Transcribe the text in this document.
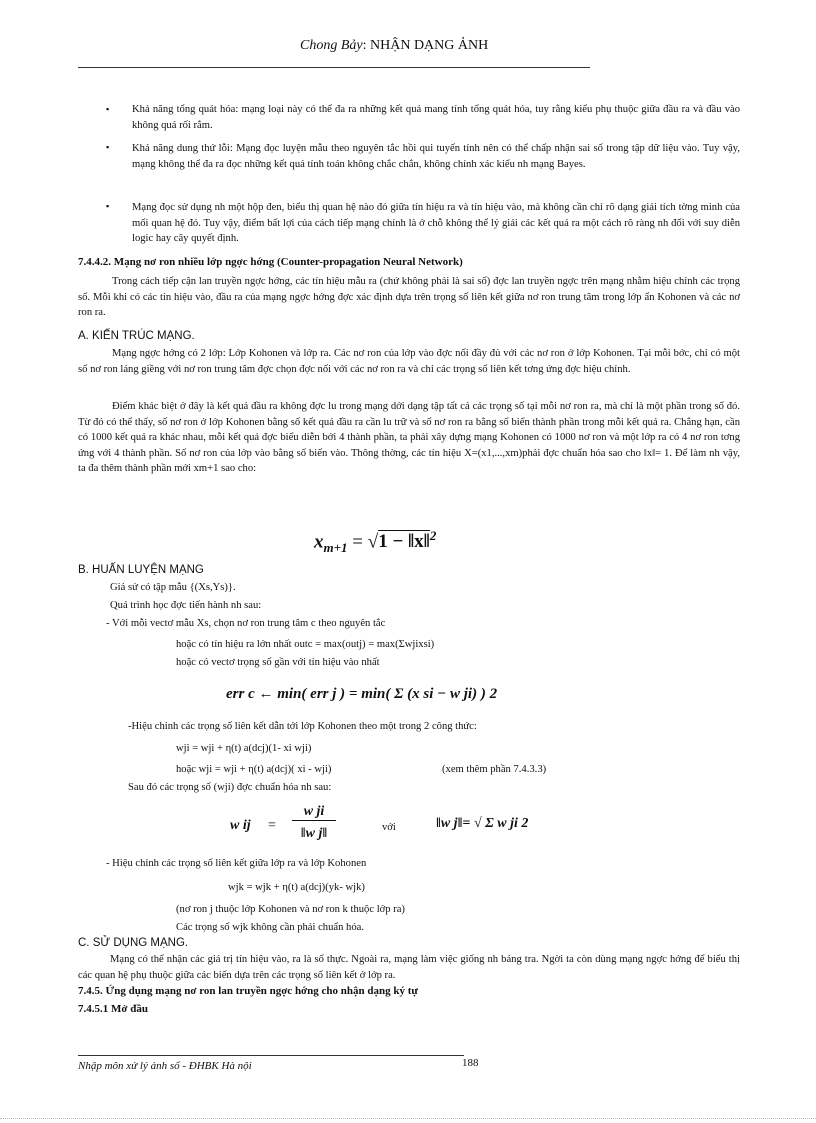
Chong Bảy: NHẬN DẠNG ẢNH
▪ Khả năng tổng quát hóa: mạng loại này có thể đa ra những kết quả mang tính tổng quát hóa, tuy rằng kiểu phụ thuộc giữa đầu ra và đầu vào không quá rối rắm.
▪ Khả năng dung thứ lỗi: Mạng đọc luyện mẫu theo nguyên tắc hồi qui tuyến tính nên có thể chấp nhận sai số trong tập dữ liệu vào. Tuy vậy, mạng không thể đa ra đọc những kết quả tính toán không chắc chắn, không chính xác kiểu nh mạng Bayes.
▪ Mạng đọc sử dụng nh một hộp đen, biểu thị quan hệ nào đó giữa tín hiệu ra và tín hiệu vào, mà không cần chỉ rõ dạng giải tích tờng minh của mối quan hệ đó. Tuy vậy, điểm bất lợi của cách tiếp mạng chính là ở chỗ không thể lý giải các kết quả ra một cách rõ ràng nh đối với suy diễn logic hay cây quyết định.
7.4.4.2. Mạng nơ ron nhiều lớp ngợc hớng (Counter-propagation Neural Network)
Trong cách tiếp cận lan truyền ngợc hớng, các tín hiệu mẫu ra (chứ không phải là sai số) đợc lan truyền ngợc trên mạng nhằm hiệu chỉnh các trọng số. Mỗi khi có các tín hiệu vào, đầu ra của mạng ngợc hớng đợc xác định dựa trên trọng số liên kết giữa nơ ron trung tâm trong lớp ẩn Kohonen và các nơ ron ra.
A. KIẾN TRÚC MẠNG.
Mạng ngợc hớng có 2 lớp: Lớp Kohonen và lớp ra. Các nơ ron của lớp vào đợc nối đầy đủ với các nơ ron ở lớp Kohonen. Tại mỗi bớc, chỉ có một số nơ ron láng giềng với nơ ron trung tâm đợc chọn đợc nối với các nơ ron ra và chỉ các trọng số liên kết tơng ứng đợc hiệu chỉnh.
Điểm khác biệt ở đây là kết quả đầu ra không đợc lu trong mạng dới dạng tập tất cả các trọng số tại mỗi nơ ron ra, mà chỉ là một phần trong số đó. Từ đó có thể thấy, số nơ ron ở lớp Kohonen bằng số kết quả đầu ra cần lu trữ và số nơ ron ra bằng số biến thành phần trong mỗi kết quả ra. Chẳng hạn, cần có 1000 kết quả ra khác nhau, mỗi kết quả đợc biểu diễn bởi 4 thành phần, ta phải xây dựng mạng Kohonen có 1000 nơ ron và một lớp ra có 4 nơ ron tơng ứng với 4 thành phần. Số nơ ron của lớp vào bằng số biến vào. Thông thờng, các tín hiệu X=(x1,...,xm)phải đợc chuẩn hóa sao cho ‖x‖= 1. Để làm nh vậy, ta đa thêm thành phần mới xm+1 sao cho:
$x_{m+1} = √1$ − ‖x‖$^2$
B. HUẤN LUYỆN MẠNG
Giả sử có tập mẫu {(Xs,Ys)}.
Quá trình học đợc tiến hành nh sau:
- Với mỗi vectơ mẫu Xs, chọn nơ ron trung tâm c theo nguyên tắc
hoặc có tín hiệu ra lớn nhất outc = max(outj) = max(Σwjixsi)
hoặc có vectơ trọng số gần với tín hiệu vào nhất
err c ← min( err j ) = min( Σ (x si − w ji) ) 2
-Hiệu chỉnh các trọng số liên kết dẫn tới lớp Kohonen theo một trong 2 công thức:
wji = wji + η(t) a(dcj)(1- xi wji)
hoặc wji = wji + η(t) a(dcj)( xi - wji)	(xem thêm phần 7.4.3.3)
Sau đó các trọng số (wji) đợc chuẩn hóa nh sau:
w ij =
w ji
‖w j‖	với	‖w j‖= √ Σ w ji 2
- Hiệu chỉnh các trọng số liên kết giữa lớp ra và lớp Kohonen
wjk = wjk + η(t) a(dcj)(yk- wjk)
(nơ ron j thuộc lớp Kohonen và nơ ron k thuộc lớp ra)
Các trọng số wjk không cần phải chuẩn hóa.
C. SỬ DỤNG MẠNG.
Mạng có thể nhận các giá trị tín hiệu vào, ra là số thực. Ngoài ra, mạng làm việc giống nh bảng tra. Ngời ta còn dùng mạng ngợc hớng để biểu thị các quan hệ phụ thuộc giữa các biến dựa trên các trọng số liên kết ở lớp ra.
7.4.5. Ứng dụng mạng nơ ron lan truyền ngợc hớng cho nhận dạng ký tự
7.4.5.1 Mở đầu
Nhập môn xử lý ảnh số - ĐHBK Hà nội	188
